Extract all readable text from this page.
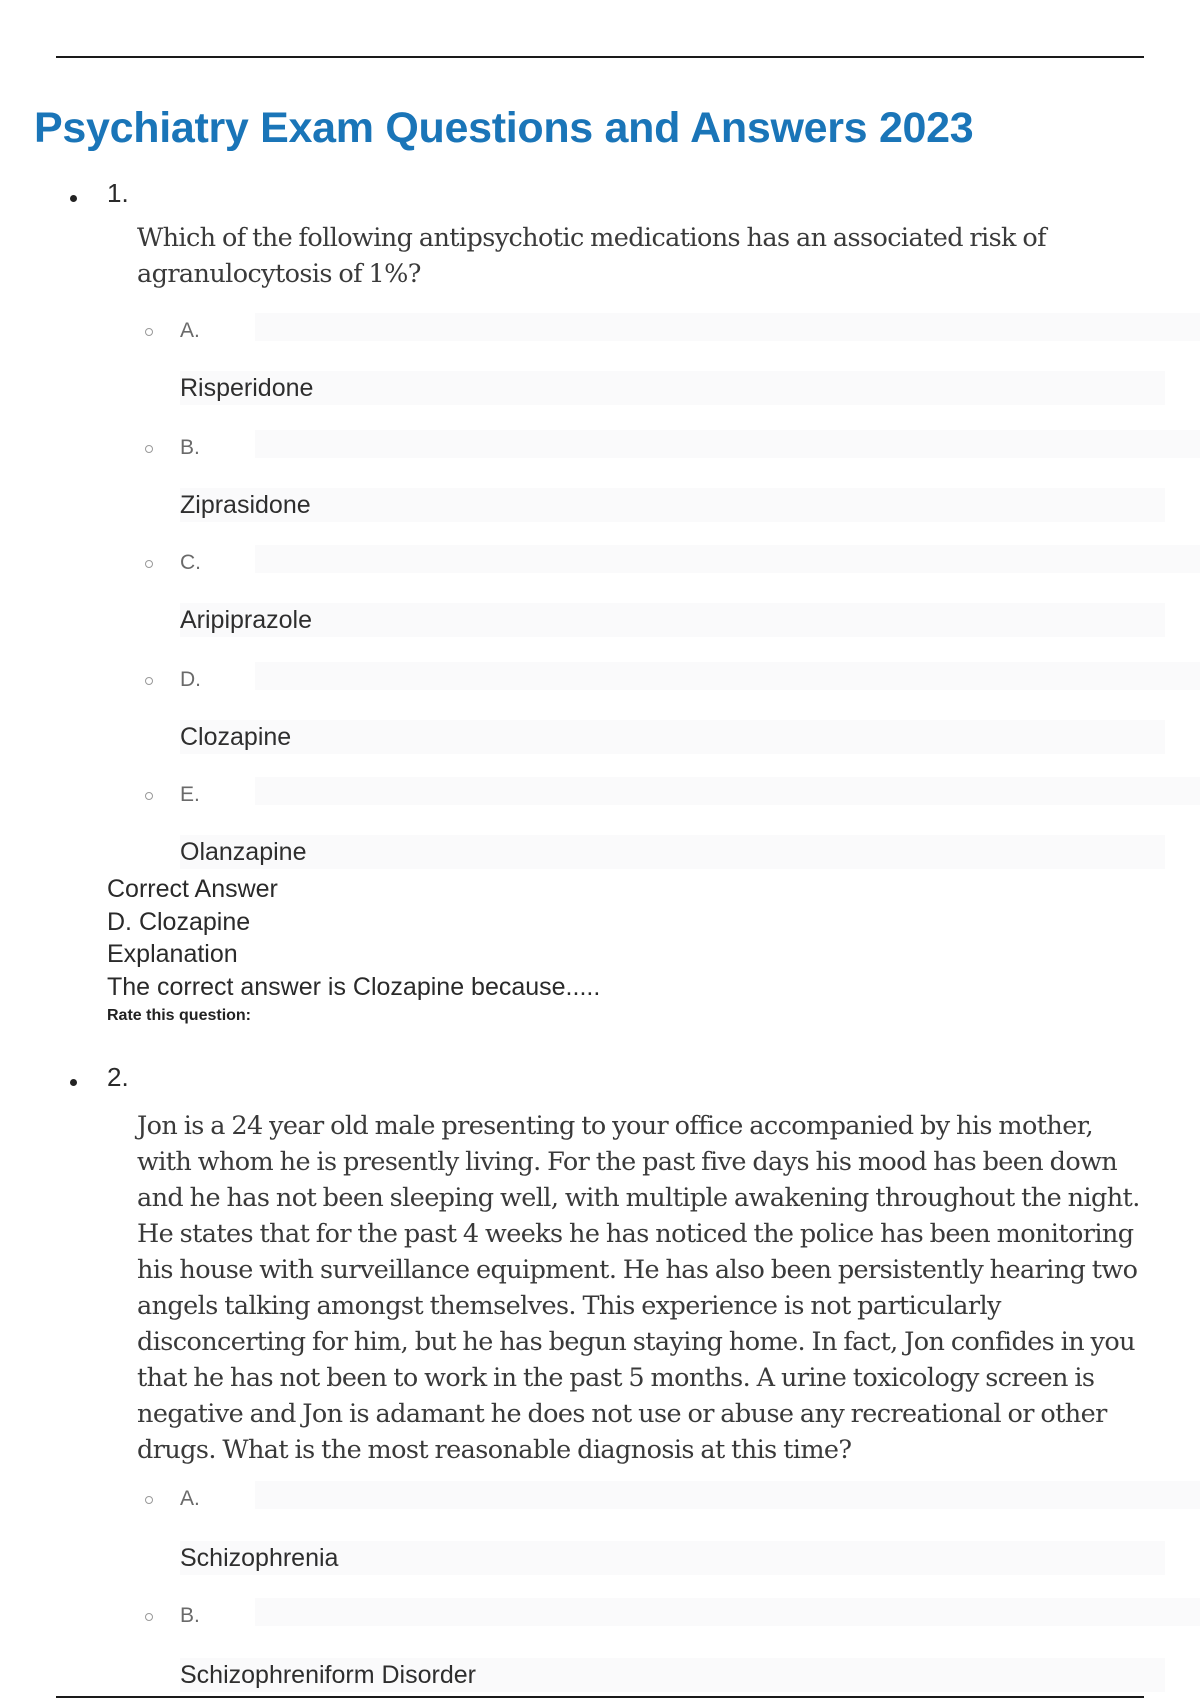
Psychiatry Exam Questions and Answers 2023
1.
Which of the following antipsychotic medications has an associated risk of
agranulocytosis of 1%?
A.
Risperidone
B.
Ziprasidone
C.
Aripiprazole
D.
Clozapine
E.
Olanzapine
Correct Answer
D. Clozapine
Explanation
The correct answer is Clozapine because.....
Rate this question:
2.
Jon is a 24 year old male presenting to your office accompanied by his mother,
with whom he is presently living. For the past five days his mood has been down
and he has not been sleeping well, with multiple awakening throughout the night.
He states that for the past 4 weeks he has noticed the police has been monitoring
his house with surveillance equipment. He has also been persistently hearing two
angels talking amongst themselves. This experience is not particularly
disconcerting for him, but he has begun staying home. In fact, Jon confides in you
that he has not been to work in the past 5 months. A urine toxicology screen is
negative and Jon is adamant he does not use or abuse any recreational or other
drugs. What is the most reasonable diagnosis at this time?
A.
Schizophrenia
B.
Schizophreniform Disorder
